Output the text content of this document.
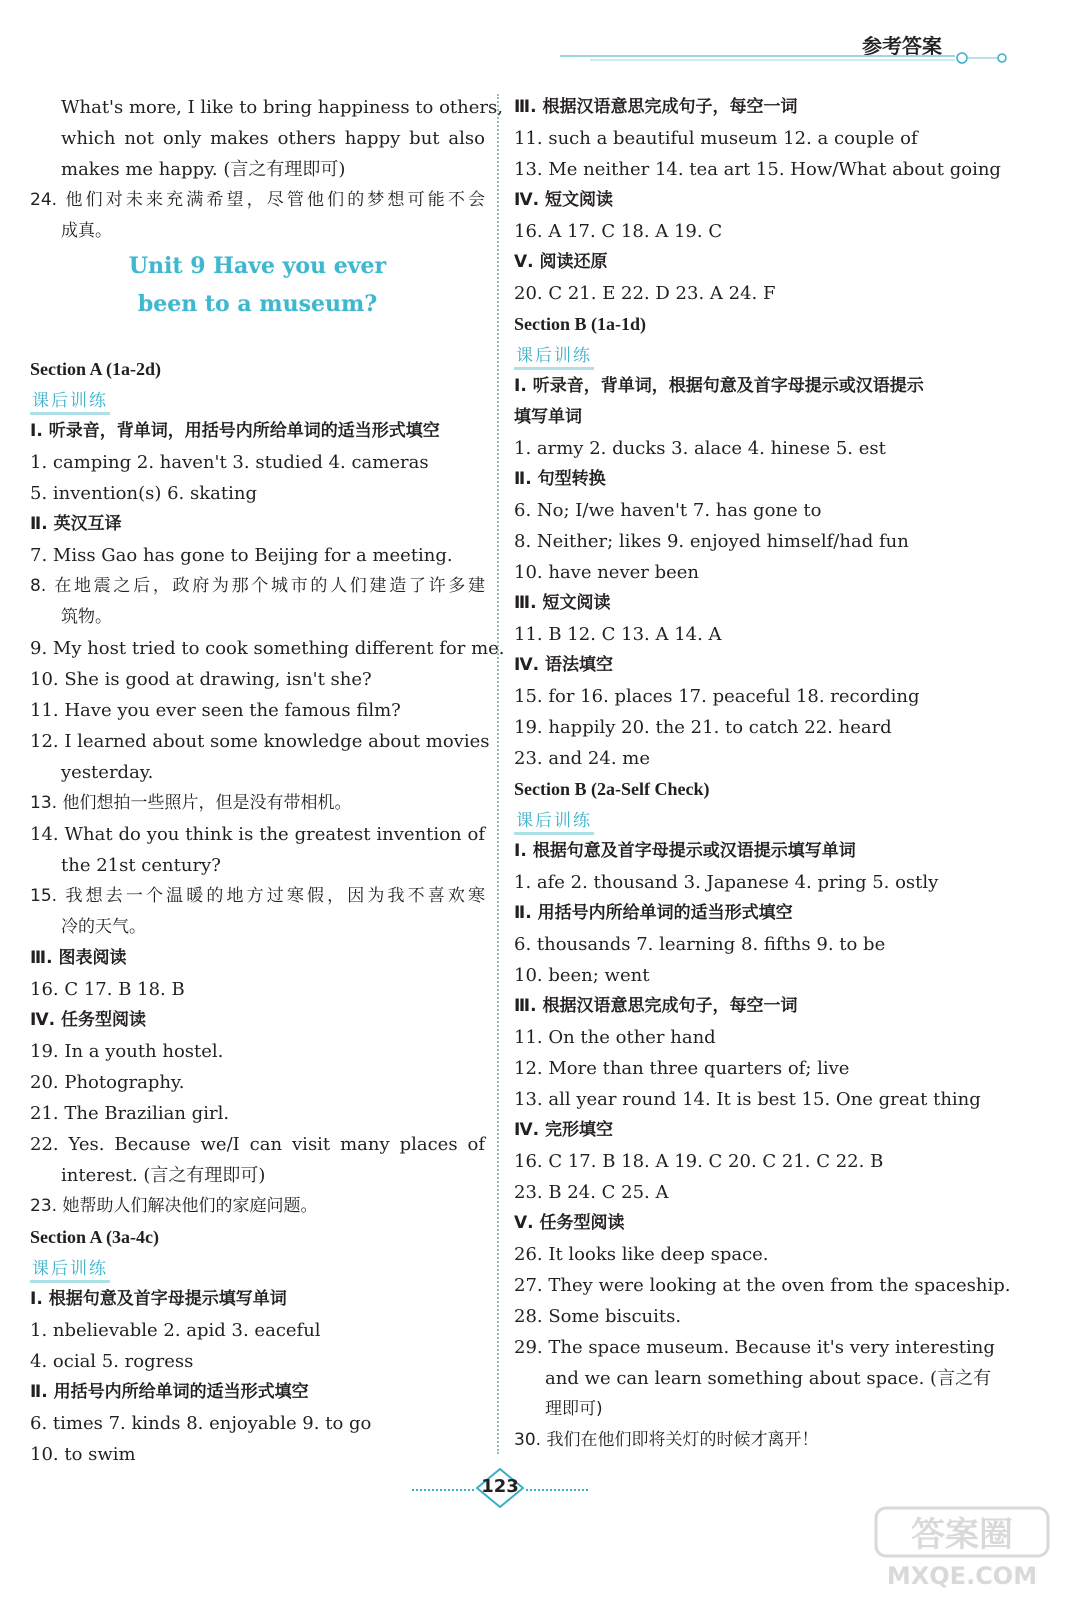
参考答案
What's more, I like to bring happiness to others,
which not only makes others happy but also
makes me happy. (言之有理即可)
24. 他们对未来充满希望，尽管他们的梦想可能不会
成真。
Unit 9 Have you ever
been to a museum?
Section A (1a-2d)
课后训练
Ⅰ. 听录音，背单词，用括号内所给单词的适当形式填空
1. camping 2. haven't 3. studied 4. cameras
5. invention(s) 6. skating
Ⅱ. 英汉互译
7. Miss Gao has gone to Beijing for a meeting.
8. 在地震之后，政府为那个城市的人们建造了许多建
筑物。
9. My host tried to cook something different for me.
10. She is good at drawing, isn't she?
11. Have you ever seen the famous film?
12. I learned about some knowledge about movies
yesterday.
13. 他们想拍一些照片，但是没有带相机。
14. What do you think is the greatest invention of
the 21st century?
15. 我想去一个温暖的地方过寒假，因为我不喜欢寒
冷的天气。
Ⅲ. 图表阅读
16. C 17. B 18. B
Ⅳ. 任务型阅读
19. In a youth hostel.
20. Photography.
21. The Brazilian girl.
22. Yes. Because we/I can visit many places of
interest. (言之有理即可)
23. 她帮助人们解决他们的家庭问题。
Section A (3a-4c)
课后训练
Ⅰ. 根据句意及首字母提示填写单词
1. nbelievable 2. apid 3. eaceful
4. ocial 5. rogress
Ⅱ. 用括号内所给单词的适当形式填空
6. times 7. kinds 8. enjoyable 9. to go
10. to swim
Ⅲ. 根据汉语意思完成句子，每空一词
11. such a beautiful museum 12. a couple of
13. Me neither 14. tea art 15. How/What about going
Ⅳ. 短文阅读
16. A 17. C 18. A 19. C
Ⅴ. 阅读还原
20. C 21. E 22. D 23. A 24. F
Section B (1a-1d)
课后训练
Ⅰ. 听录音，背单词，根据句意及首字母提示或汉语提示
填写单词
1. army 2. ducks 3. alace 4. hinese 5. est
Ⅱ. 句型转换
6. No; I/we haven't 7. has gone to
8. Neither; likes 9. enjoyed himself/had fun
10. have never been
Ⅲ. 短文阅读
11. B 12. C 13. A 14. A
Ⅳ. 语法填空
15. for 16. places 17. peaceful 18. recording
19. happily 20. the 21. to catch 22. heard
23. and 24. me
Section B (2a-Self Check)
课后训练
Ⅰ. 根据句意及首字母提示或汉语提示填写单词
1. afe 2. thousand 3. Japanese 4. pring 5. ostly
Ⅱ. 用括号内所给单词的适当形式填空
6. thousands 7. learning 8. fifths 9. to be
10. been; went
Ⅲ. 根据汉语意思完成句子，每空一词
11. On the other hand
12. More than three quarters of; live
13. all year round 14. It is best 15. One great thing
Ⅳ. 完形填空
16. C 17. B 18. A 19. C 20. C 21. C 22. B
23. B 24. C 25. A
Ⅴ. 任务型阅读
26. It looks like deep space.
27. They were looking at the oven from the spaceship.
28. Some biscuits.
29. The space museum. Because it's very interesting
and we can learn something about space. (言之有
理即可)
30. 我们在他们即将关灯的时候才离开！
123
答案圈
MXQE.COM
